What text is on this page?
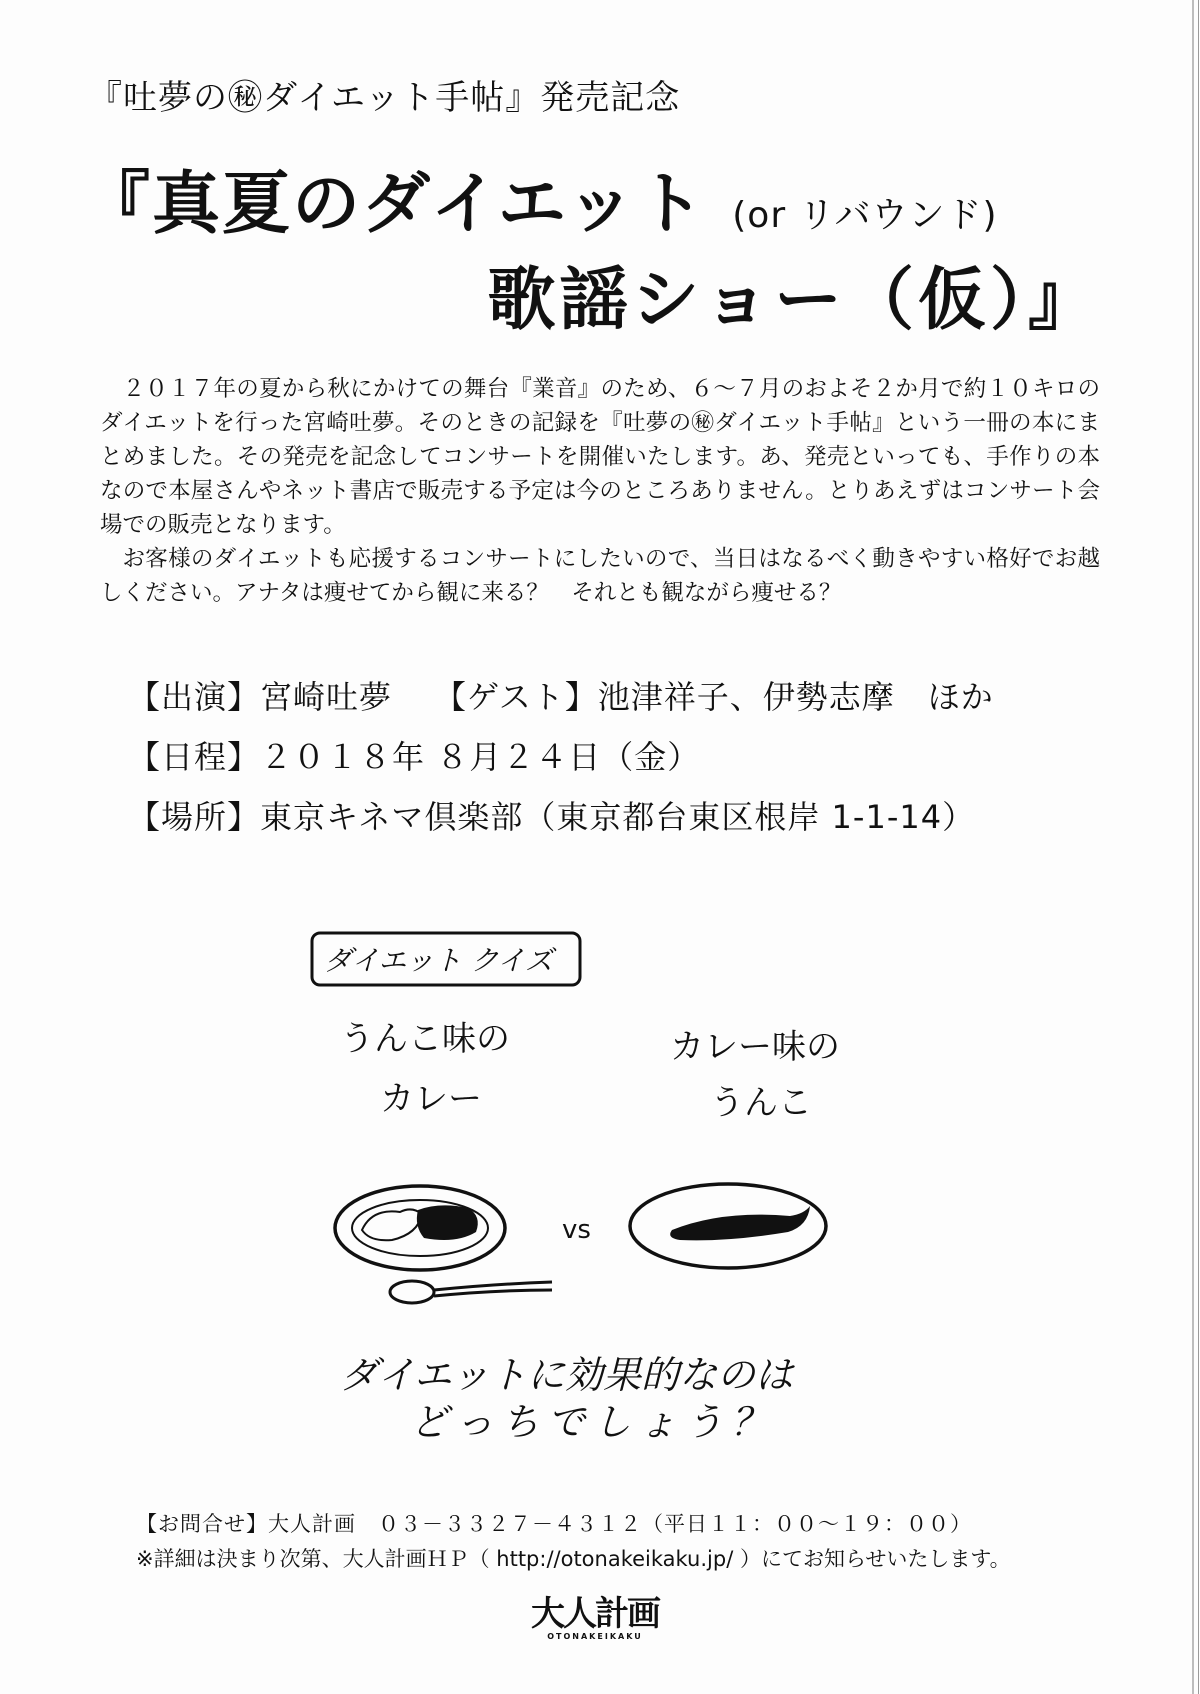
『吐夢の㊙ダイエット手帖』発売記念
『真夏のダイエット (or リバウンド)
歌謡ショー（仮）』

２０１７年の夏から秋にかけての舞台『業音』のため、６～７月のおよそ２か月で約１０キロのダイエットを行った宮崎吐夢。そのときの記録を『吐夢の㊙ダイエット手帖』という一冊の本にまとめました。その発売を記念してコンサートを開催いたします。あ、発売といっても、手作りの本なので本屋さんやネット書店で販売する予定は今のところありません。とりあえずはコンサート会場での販売となります。

お客様のダイエットも応援するコンサートにしたいので、当日はなるべく動きやすい格好でお越しください。アナタは痩せてから観に来る？　それとも観ながら痩せる？

【出演】宮崎吐夢 【ゲスト】池津祥子、伊勢志摩　ほか
【日程】２０１８年 ８月２４日（金）
【場所】東京キネマ倶楽部（東京都台東区根岸 1-1-14）
ダイエット クイズ
うんこ味の
カレー
カレー味の
うんこ
vs
ダイエットに効果的なのは
どっちでしょう？
【お問合せ】大人計画　０３－３３２７－４３１２（平日１１：００～１９：００）
※詳細は決まり次第、大人計画ＨＰ（ http://otonakeikaku.jp/ ）にてお知らせいたします。
大人計画
OTONAKEIKAKU
